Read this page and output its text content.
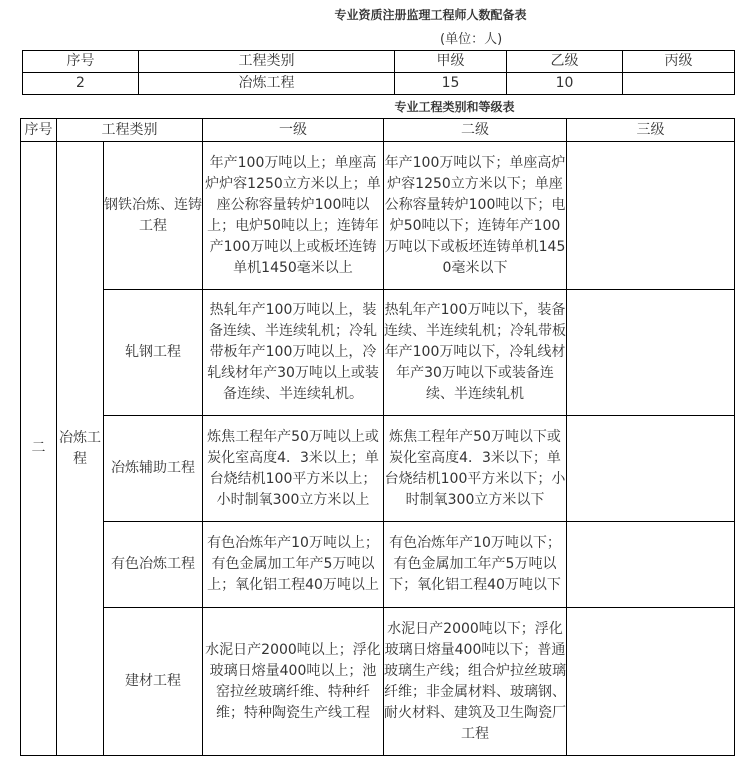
专业资质注册监理工程师人数配备表
(单位：人)
序号	工程类别	甲级	乙级	丙级
2	冶炼工程	15	10	
专业工程类别和等级表
序号	工程类别		一级	二级	三级
二	冶炼工程	钢铁冶炼、连铸工程	年产100万吨以上；单座高炉炉容1250立方米以上；单座公称容量转炉100吨以上；电炉50吨以上；连铸年产100万吨以上或板坯连铸单机1450毫米以上	年产100万吨以下；单座高炉炉容1250立方米以下；单座公称容量转炉100吨以下；电炉50吨以下；连铸年产100万吨以下或板坯连铸单机1450毫米以下	
		轧钢工程	热轧年产100万吨以上，装备连续、半连续轧机；冷轧带板年产100万吨以上，冷轧线材年产30万吨以上或装备连续、半连续轧机。	热轧年产100万吨以下，装备连续、半连续轧机；冷轧带板年产100万吨以下，冷轧线材年产30万吨以下或装备连续、半连续轧机	
		冶炼辅助工程	炼焦工程年产50万吨以上或炭化室高度4．3米以上；单台烧结机100平方米以上；小时制氧300立方米以上	炼焦工程年产50万吨以下或炭化室高度4．3米以下；单台烧结机100平方米以下；小时制氧300立方米以下	
		有色冶炼工程	有色冶炼年产10万吨以上；有色金属加工年产5万吨以上；氧化铝工程40万吨以上	有色冶炼年产10万吨以下；有色金属加工年产5万吨以下；氧化铝工程40万吨以下	
		建材工程	水泥日产2000吨以上；浮化玻璃日熔量400吨以上；池窑拉丝玻璃纤维、特种纤维；特种陶瓷生产线工程	水泥日产2000吨以下；浮化玻璃日熔量400吨以下；普通玻璃生产线；组合炉拉丝玻璃纤维；非金属材料、玻璃钢、耐火材料、建筑及卫生陶瓷厂工程	
